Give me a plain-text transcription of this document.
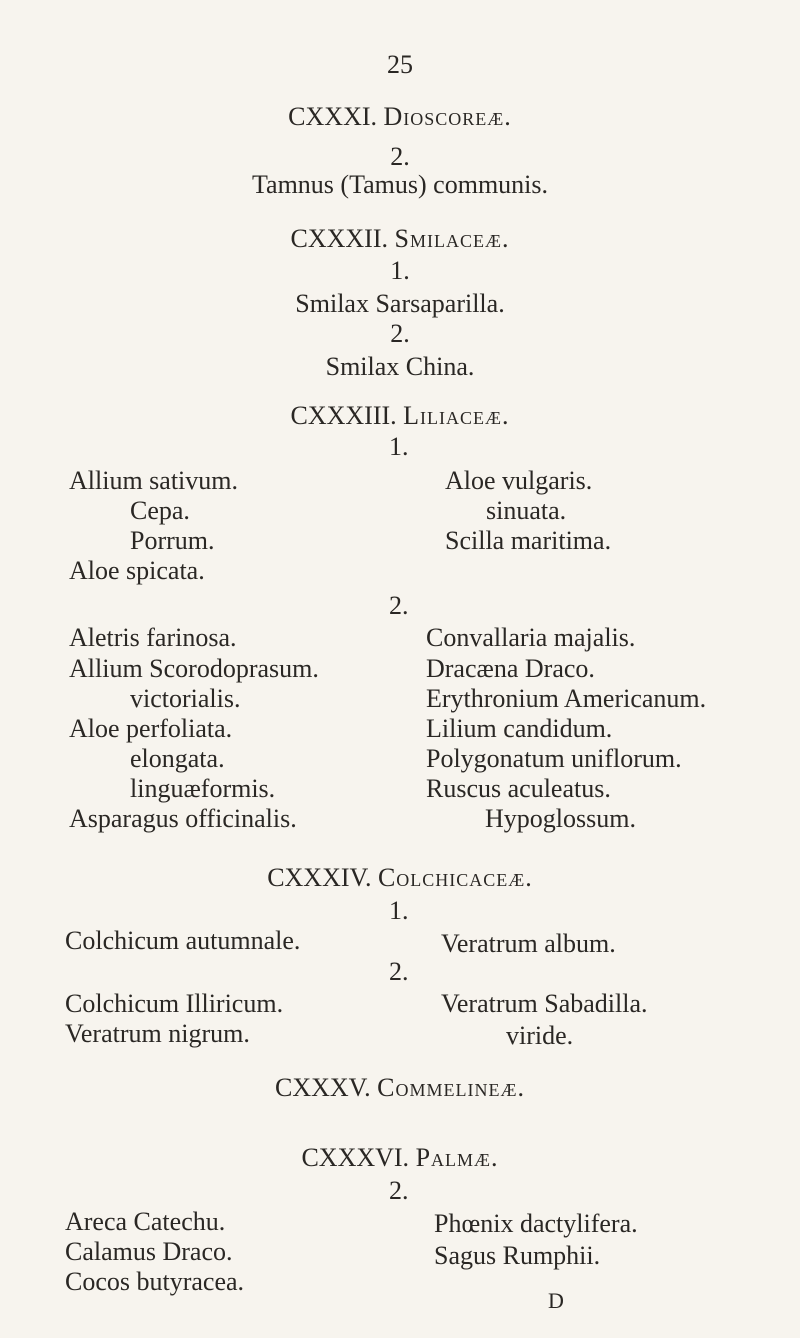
25
CXXXI. Dioscoreæ.
2.
Tamnus (Tamus) communis.
CXXXII. Smilaceæ.
1.
Smilax Sarsaparilla.
2.
Smilax China.
CXXXIII. Liliaceæ.
1.
Allium sativum.
Cepa.
Porrum.
Aloe spicata.
Aloe vulgaris.
sinuata.
Scilla maritima.
2.
Aletris farinosa.
Allium Scorodoprasum.
victorialis.
Aloe perfoliata.
elongata.
linguæformis.
Asparagus officinalis.
Convallaria majalis.
Dracæna Draco.
Erythronium Americanum.
Lilium candidum.
Polygonatum uniflorum.
Ruscus aculeatus.
Hypoglossum.
CXXXIV. Colchicaceæ.
1.
Colchicum autumnale.	Veratrum album.
2.
Colchicum Illiricum.
Veratrum nigrum.
Veratrum Sabadilla.
viride.
CXXXV. Commelineæ.
CXXXVI. Palmæ.
2.
Areca Catechu.
Calamus Draco.
Cocos butyracea.
Phœnix dactylifera.
Sagus Rumphii.
D
